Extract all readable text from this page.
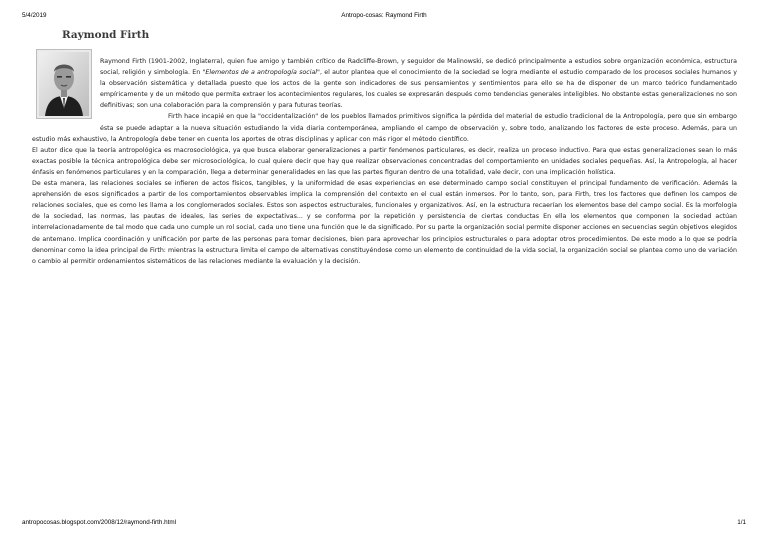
5/4/2019	Antropo-cosas: Raymond Firth
Raymond Firth

Raymond Firth (1901-2002, Inglaterra), quien fue amigo y también crítico de Radcliffe-Brown, y seguidor de Malinowski, se dedicó principalmente a estudios sobre organización económica, estructura social, religión y simbología. En "Elementos de a antropología social", el autor plantea que el conocimiento de la sociedad se logra mediante el estudio comparado de los procesos sociales humanos y la observación sistemática y detallada puesto que los actos de la gente son indicadores de sus pensamientos y sentimientos para ello se ha de disponer de un marco teórico fundamentado empíricamente y de un método que permita extraer los acontecimientos regulares, los cuales se expresarán después como tendencias generales inteligibles. No obstante estas generalizaciones no son definitivas; son una colaboración para la comprensión y para futuras teorías.

Firth hace incapié en que la "occidentalización" de los pueblos llamados primitivos significa la pérdida del material de estudio tradicional de la Antropología, pero que sin embargo ésta se puede adaptar a la nueva situación estudiando la vida diaria contemporánea, ampliando el campo de observación y, sobre todo, analizando los factores de este proceso. Además, para un estudio más exhaustivo, la Antropología debe tener en cuenta los aportes de otras disciplinas y aplicar con más rigor el método científico.

El autor dice que la teoría antropológica es macrosociológica, ya que busca elaborar generalizaciones a partir fenómenos particulares, es decir, realiza un proceso inductivo. Para que estas generalizaciones sean lo más exactas posible la técnica antropológica debe ser microsociológica, lo cual quiere decir que hay que realizar observaciones concentradas del comportamiento en unidades sociales pequeñas. Así, la Antropología, al hacer énfasis en fenómenos particulares y en la comparación, llega a determinar generalidades en las que las partes figuran dentro de una totalidad, vale decir, con una implicación holística.

De esta manera, las relaciones sociales se infieren de actos físicos, tangibles, y la uniformidad de esas experiencias en ese determinado campo social constituyen el principal fundamento de verificación. Además la aprehensión de esos significados a partir de los comportamientos observables implica la comprensión del contexto en el cual están inmersos. Por lo tanto, son, para Firth, tres los factores que definen los campos de relaciones sociales, que es como les llama a los conglomerados sociales. Estos son aspectos estructurales, funcionales y organizativos. Así, en la estructura recaerían los elementos base del campo social. Es la morfología de la sociedad, las normas, las pautas de ideales, las series de expectativas... y se conforma por la repetición y persistencia de ciertas conductas En ella los elementos que componen la sociedad actúan interrelacionadamente de tal modo que cada uno cumple un rol social, cada uno tiene una función que le da significado. Por su parte la organización social permite disponer acciones en secuencias según objetivos elegidos de antemano. Implica coordinación y unificación por parte de las personas para tomar decisiones, bien para aprovechar los principios estructurales o para adoptar otros procedimientos. De este modo a lo que se podría denominar como la idea principal de Firth: mientras la estructura limita el campo de alternativas constituyéndose como un elemento de continuidad de la vida social, la organización social se plantea como uno de variación o cambio al permitir ordenamientos sistemáticos de las relaciones mediante la evaluación y la decisión.

antropocosas.blogspot.com/2008/12/raymond-firth.html	1/1
